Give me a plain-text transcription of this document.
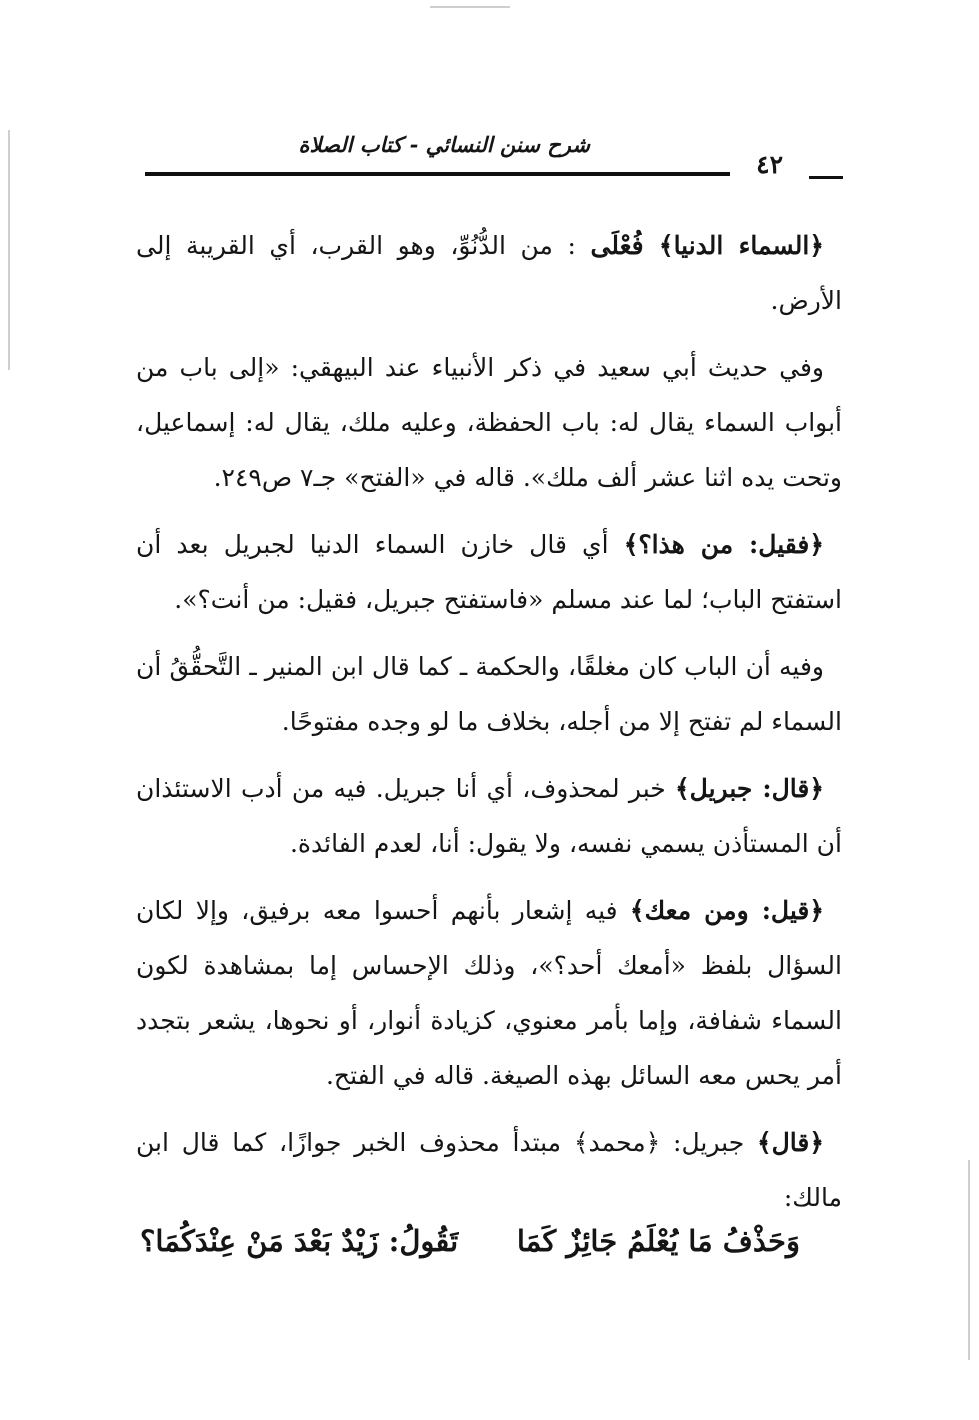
شرح سنن النسائي - كتاب الصلاة
٤٢

﴿السماء الدنيا﴾ فُعْلَى : من الدُّنُوِّ، وهو القرب، أي القريبة إلى الأرض.

وفي حديث أبي سعيد في ذكر الأنبياء عند البيهقي: «إلى باب من أبواب السماء يقال له: باب الحفظة، وعليه ملك، يقال له: إسماعيل، وتحت يده اثنا عشر ألف ملك». قاله في «الفتح» جـ٧ ص٢٤٩.

﴿فقيل: من هذا؟﴾ أي قال خازن السماء الدنيا لجبريل بعد أن استفتح الباب؛ لما عند مسلم «فاستفتح جبريل، فقيل: من أنت؟».

وفيه أن الباب كان مغلقًا، والحكمة ـ كما قال ابن المنير ـ التَّحقُّقُ أن السماء لم تفتح إلا من أجله، بخلاف ما لو وجده مفتوحًا.

﴿قال: جبريل﴾ خبر لمحذوف، أي أنا جبريل. فيه من أدب الاستئذان أن المستأذن يسمي نفسه، ولا يقول: أنا، لعدم الفائدة.

﴿قيل: ومن معك﴾ فيه إشعار بأنهم أحسوا معه برفيق، وإلا لكان السؤال بلفظ «أمعك أحد؟»، وذلك الإحساس إما بمشاهدة لكون السماء شفافة، وإما بأمر معنوي، كزيادة أنوار، أو نحوها، يشعر بتجدد أمر يحس معه السائل بهذه الصيغة. قاله في الفتح.

﴿قال﴾ جبريل: ﴿محمد﴾ مبتدأ محذوف الخبر جوازًا، كما قال ابن مالك:

وَحَذْفُ مَا يُعْلَمُ جَائِزٌ كَمَا
تَقُولُ: زَيْدٌ بَعْدَ مَنْ عِنْدَكُمَا؟
